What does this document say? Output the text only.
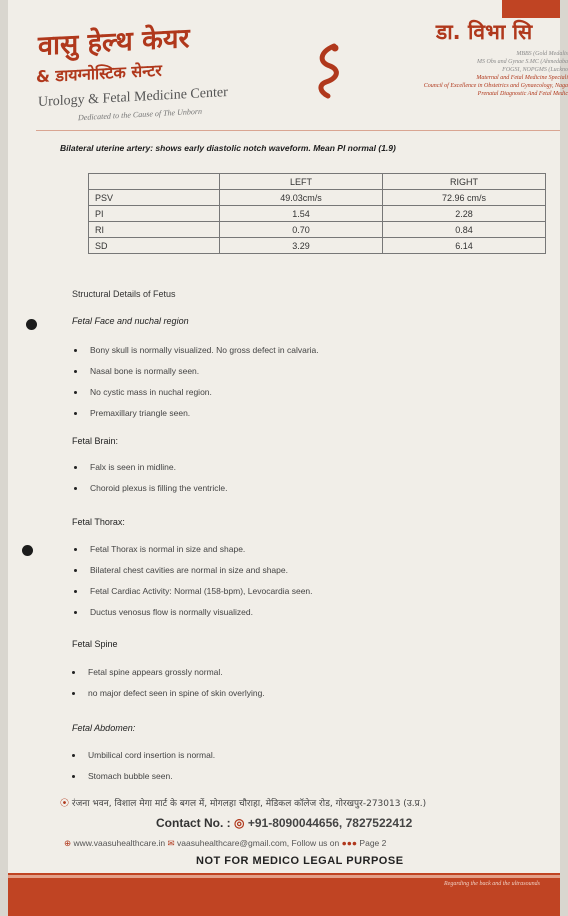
वासु हेल्थ केयर
& डायग्नोस्टिक सेन्टर
Urology & Fetal Medicine Center
Dedicated to the Cause of The Unborn
डा. विभा सि
MBBS (Gold Medalis
MS Obs and Gynae S.MC (Ahmedaba
FOGSI, NOPGMS (Luckno
Maternal and Fetal Medicine Speciali
Council of Excellence in Obstetrics and Gynaecology, Naga
Prenatal Diagnostic And Fetal Medic
Bilateral uterine artery: shows early diastolic notch waveform. Mean PI normal (1.9)
	LEFT	RIGHT
PSV	49.03cm/s	72.96 cm/s
PI	1.54	2.28
RI	0.70	0.84
SD	3.29	6.14
Structural Details of Fetus
Fetal Face and nuchal region
Bony skull is normally visualized. No gross defect in calvaria.
Nasal bone is normally seen.
No cystic mass in nuchal region.
Premaxillary triangle seen.
Fetal Brain:
Falx is seen in midline.
Choroid plexus is filling the ventricle.
Fetal Thorax:
Fetal Thorax is normal in size and shape.
Bilateral chest cavities are normal in size and shape.
Fetal Cardiac Activity: Normal (158-bpm), Levocardia seen.
Ductus venosus flow is normally visualized.
Fetal Spine
Fetal spine appears grossly normal.
no major defect seen in spine of skin overlying.
Fetal Abdomen:
Umbilical cord insertion is normal.
Stomach bubble seen.
⦿ रंजना भवन, विशाल मेगा मार्ट के बगल में, मोगलहा चौराहा, मेडिकल कॉलेज रोड, गोरखपुर-273013 (उ.प्र.)
Contact No. : ◎ +91-8090044656, 7827522412
⊕ www.vaasuhealthcare.in ✉ vaasuhealthcare@gmail.com, Follow us on ●●● Page 2
NOT FOR MEDICO LEGAL PURPOSE
Regarding the back and the ultrasounds
